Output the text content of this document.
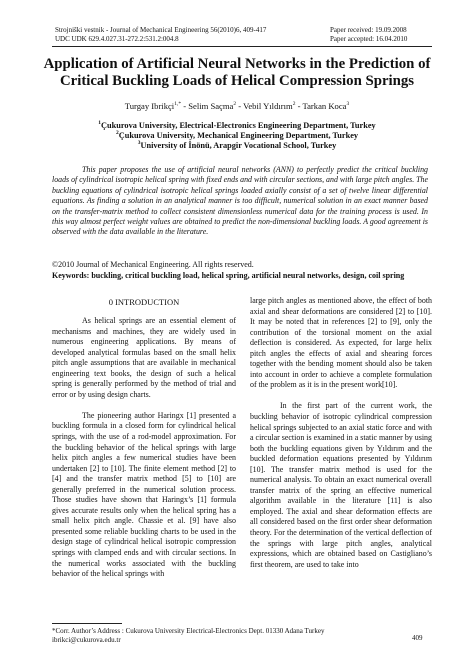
Strojniški vestnik - Journal of Mechanical Engineering 56(2010)6, 409-417
UDC UDK 629.4.027.31-272.2:531.2:004.8
Paper received: 19.09.2008
Paper accepted: 16.04.2010
Application of Artificial Neural Networks in the Prediction of
Critical Buckling Loads of Helical Compression Springs
Turgay Ibrikçi$^{1,*}$ - Selim Saçma$^2$ - Vebil Yıldırım$^2$ - Tarkan Koca$^3$
$^1$Çukurova University, Electrical-Electronics Engineering Department, Turkey
$^2$Çukurova University, Mechanical Engineering Department, Turkey
$^3$University of İnönü, Arapgir Vocational School, Turkey
This paper proposes the use of artificial neural networks (ANN) to perfectly predict the critical buckling loads of cylindrical isotropic helical spring with fixed ends and with circular sections, and with large pitch angles. The buckling equations of cylindrical isotropic helical springs loaded axially consist of a set of twelve linear differential equations. As finding a solution in an analytical manner is too difficult, numerical solution in an exact manner based on the transfer-matrix method to collect consistent dimensionless numerical data for the training process is used. In this way almost perfect weight values are obtained to predict the non-dimensional buckling loads. A good agreement is observed with the data available in the literature.
©2010 Journal of Mechanical Engineering. All rights reserved.
Keywords: buckling, critical buckling load, helical spring, artificial neural networks, design, coil spring
0 INTRODUCTION

As helical springs are an essential element of mechanisms and machines, they are widely used in numerous engineering applications. By means of developed analytical formulas based on the small helix pitch angle assumptions that are available in mechanical engineering text books, the design of such a helical spring is generally performed by the method of trial and error or by using design charts.

The pioneering author Haringx [1] presented a buckling formula in a closed form for cylindrical helical springs, with the use of a rod-model approximation. For the buckling behavior of the helical springs with large helix pitch angles a few numerical studies have been undertaken [2] to [10]. The finite element method [2] to [4] and the transfer matrix method [5] to [10] are generally preferred in the numerical solution process. Those studies have shown that Haringx’s [1] formula gives accurate results only when the helical spring has a small helix pitch angle. Chassie et al. [9] have also presented some reliable buckling charts to be used in the design stage of cylindrical helical isotropic compression springs with clamped ends and with circular sections. In the numerical works associated with the buckling behavior of the helical springs with

large pitch angles as mentioned above, the effect of both axial and shear deformations are considered [2] to [10]. It may be noted that in references [2] to [9], only the contribution of the torsional moment on the axial deflection is considered. As expected, for large helix pitch angles the effects of axial and shearing forces together with the bending moment should also be taken into account in order to achieve a complete formulation of the problem as it is in the present work[10].

In the first part of the current work, the buckling behavior of isotropic cylindrical compression helical springs subjected to an axial static force and with a circular section is examined in a static manner by using both the buckling equations given by Yıldırım and the buckled deformation equations presented by Yıldırım [10]. The transfer matrix method is used for the numerical analysis. To obtain an exact numerical overall transfer matrix of the spring an effective numerical algorithm available in the literature [11] is also employed. The axial and shear deformation effects are all considered based on the first order shear deformation theory. For the determination of the vertical deflection of the springs with large pitch angles, analytical expressions, which are obtained based on Castigliano’s first theorem, are used to take into

*Corr. Author’s Address : Cukurova University Electrical-Electronics Dept. 01330 Adana Turkey
ibrikci@cukurova.edu.tr	409
